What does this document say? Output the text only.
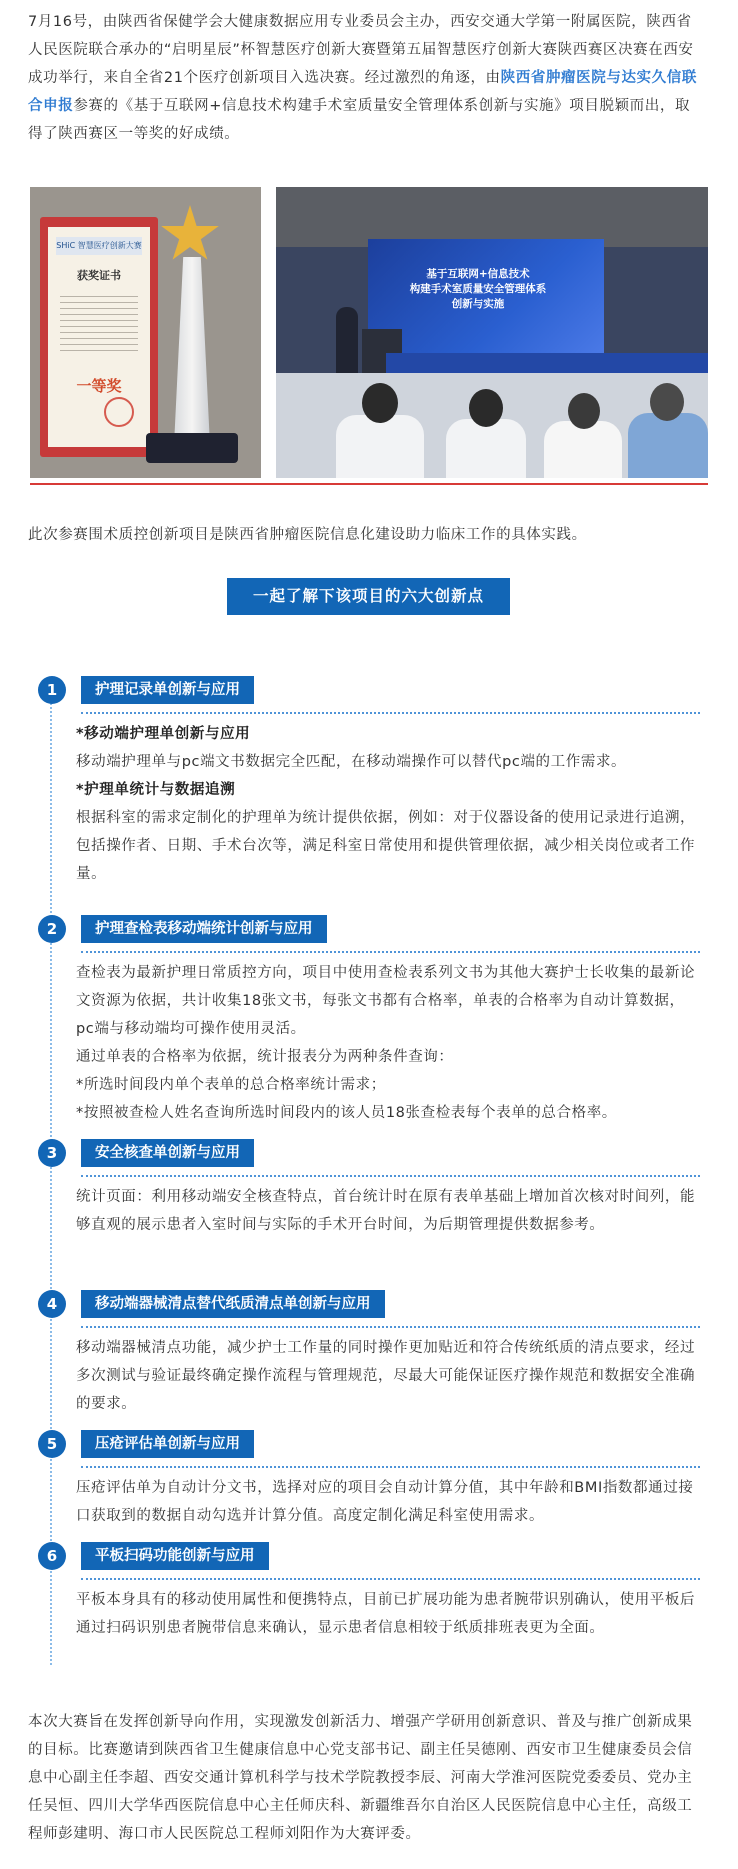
7月16号，由陕西省保健学会大健康数据应用专业委员会主办，西安交通大学第一附属医院，陕西省人民医院联合承办的“启明星辰”杯智慧医疗创新大赛暨第五届智慧医疗创新大赛陕西赛区决赛在西安成功举行，来自全省21个医疗创新项目入选决赛。经过激烈的角逐，由陕西省肿瘤医院与达实久信联合申报参赛的《基于互联网+信息技术构建手术室质量安全管理体系创新与实施》项目脱颖而出，取得了陕西赛区一等奖的好成绩。
SHiC 智慧医疗创新大赛
获奖证书
一等奖
基于互联网+信息技术
构建手术室质量安全管理体系
创新与实施
此次参赛围术质控创新项目是陕西省肿瘤医院信息化建设助力临床工作的具体实践。
一起了解下该项目的六大创新点
1	护理记录单创新与应用
*移动端护理单创新与应用
移动端护理单与pc端文书数据完全匹配，在移动端操作可以替代pc端的工作需求。
*护理单统计与数据追溯
根据科室的需求定制化的护理单为统计提供依据，例如：对于仪器设备的使用记录进行追溯，包括操作者、日期、手术台次等，满足科室日常使用和提供管理依据，减少相关岗位或者工作量。
2	护理查检表移动端统计创新与应用
查检表为最新护理日常质控方向，项目中使用查检表系列文书为其他大赛护士长收集的最新论文资源为依据，共计收集18张文书，每张文书都有合格率，单表的合格率为自动计算数据，pc端与移动端均可操作使用灵活。
通过单表的合格率为依据，统计报表分为两种条件查询：
*所选时间段内单个表单的总合格率统计需求；
*按照被查检人姓名查询所选时间段内的该人员18张查检表每个表单的总合格率。
3	安全核查单创新与应用
统计页面：利用移动端安全核查特点，首台统计时在原有表单基础上增加首次核对时间列，能够直观的展示患者入室时间与实际的手术开台时间，为后期管理提供数据参考。
4	移动端器械清点替代纸质清点单创新与应用
移动端器械清点功能，减少护士工作量的同时操作更加贴近和符合传统纸质的清点要求，经过多次测试与验证最终确定操作流程与管理规范，尽最大可能保证医疗操作规范和数据安全准确的要求。
5	压疮评估单创新与应用
压疮评估单为自动计分文书，选择对应的项目会自动计算分值，其中年龄和BMI指数都通过接口获取到的数据自动勾选并计算分值。高度定制化满足科室使用需求。
6	平板扫码功能创新与应用
平板本身具有的移动使用属性和便携特点，目前已扩展功能为患者腕带识别确认，使用平板后通过扫码识别患者腕带信息来确认，显示患者信息相较于纸质排班表更为全面。
本次大赛旨在发挥创新导向作用，实现激发创新活力、增强产学研用创新意识、普及与推广创新成果的目标。比赛邀请到陕西省卫生健康信息中心党支部书记、副主任吴德刚、西安市卫生健康委员会信息中心副主任李超、西安交通计算机科学与技术学院教授李辰、河南大学淮河医院党委委员、党办主任吴恒、四川大学华西医院信息中心主任师庆科、新疆维吾尔自治区人民医院信息中心主任，高级工程师彭建明、海口市人民医院总工程师刘阳作为大赛评委。
